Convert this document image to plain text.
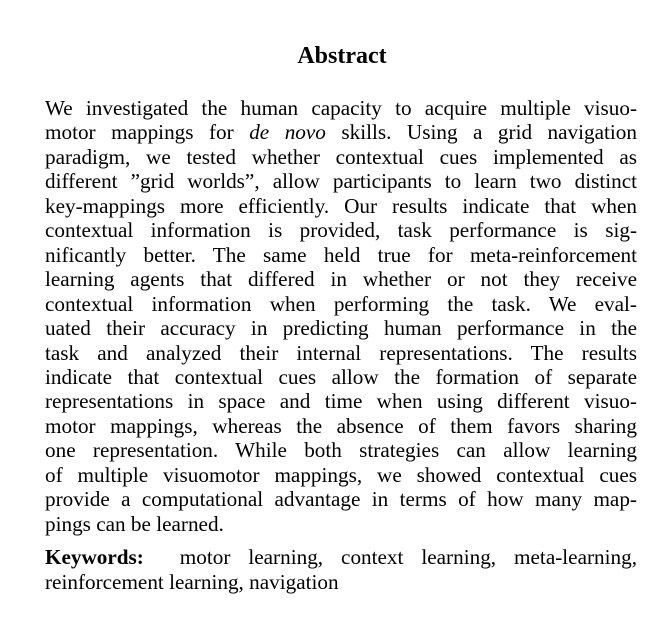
Abstract

We investigated the human capacity to acquire multiple visuo-
motor mappings for de novo skills. Using a grid navigation
paradigm, we tested whether contextual cues implemented as
different ”grid worlds”, allow participants to learn two distinct
key-mappings more efficiently. Our results indicate that when
contextual information is provided, task performance is sig-
nificantly better. The same held true for meta-reinforcement
learning agents that differed in whether or not they receive
contextual information when performing the task. We eval-
uated their accuracy in predicting human performance in the
task and analyzed their internal representations. The results
indicate that contextual cues allow the formation of separate
representations in space and time when using different visuo-
motor mappings, whereas the absence of them favors sharing
one representation. While both strategies can allow learning
of multiple visuomotor mappings, we showed contextual cues
provide a computational advantage in terms of how many map-
pings can be learned.

Keywords: motor learning, context learning, meta-learning,
reinforcement learning, navigation
